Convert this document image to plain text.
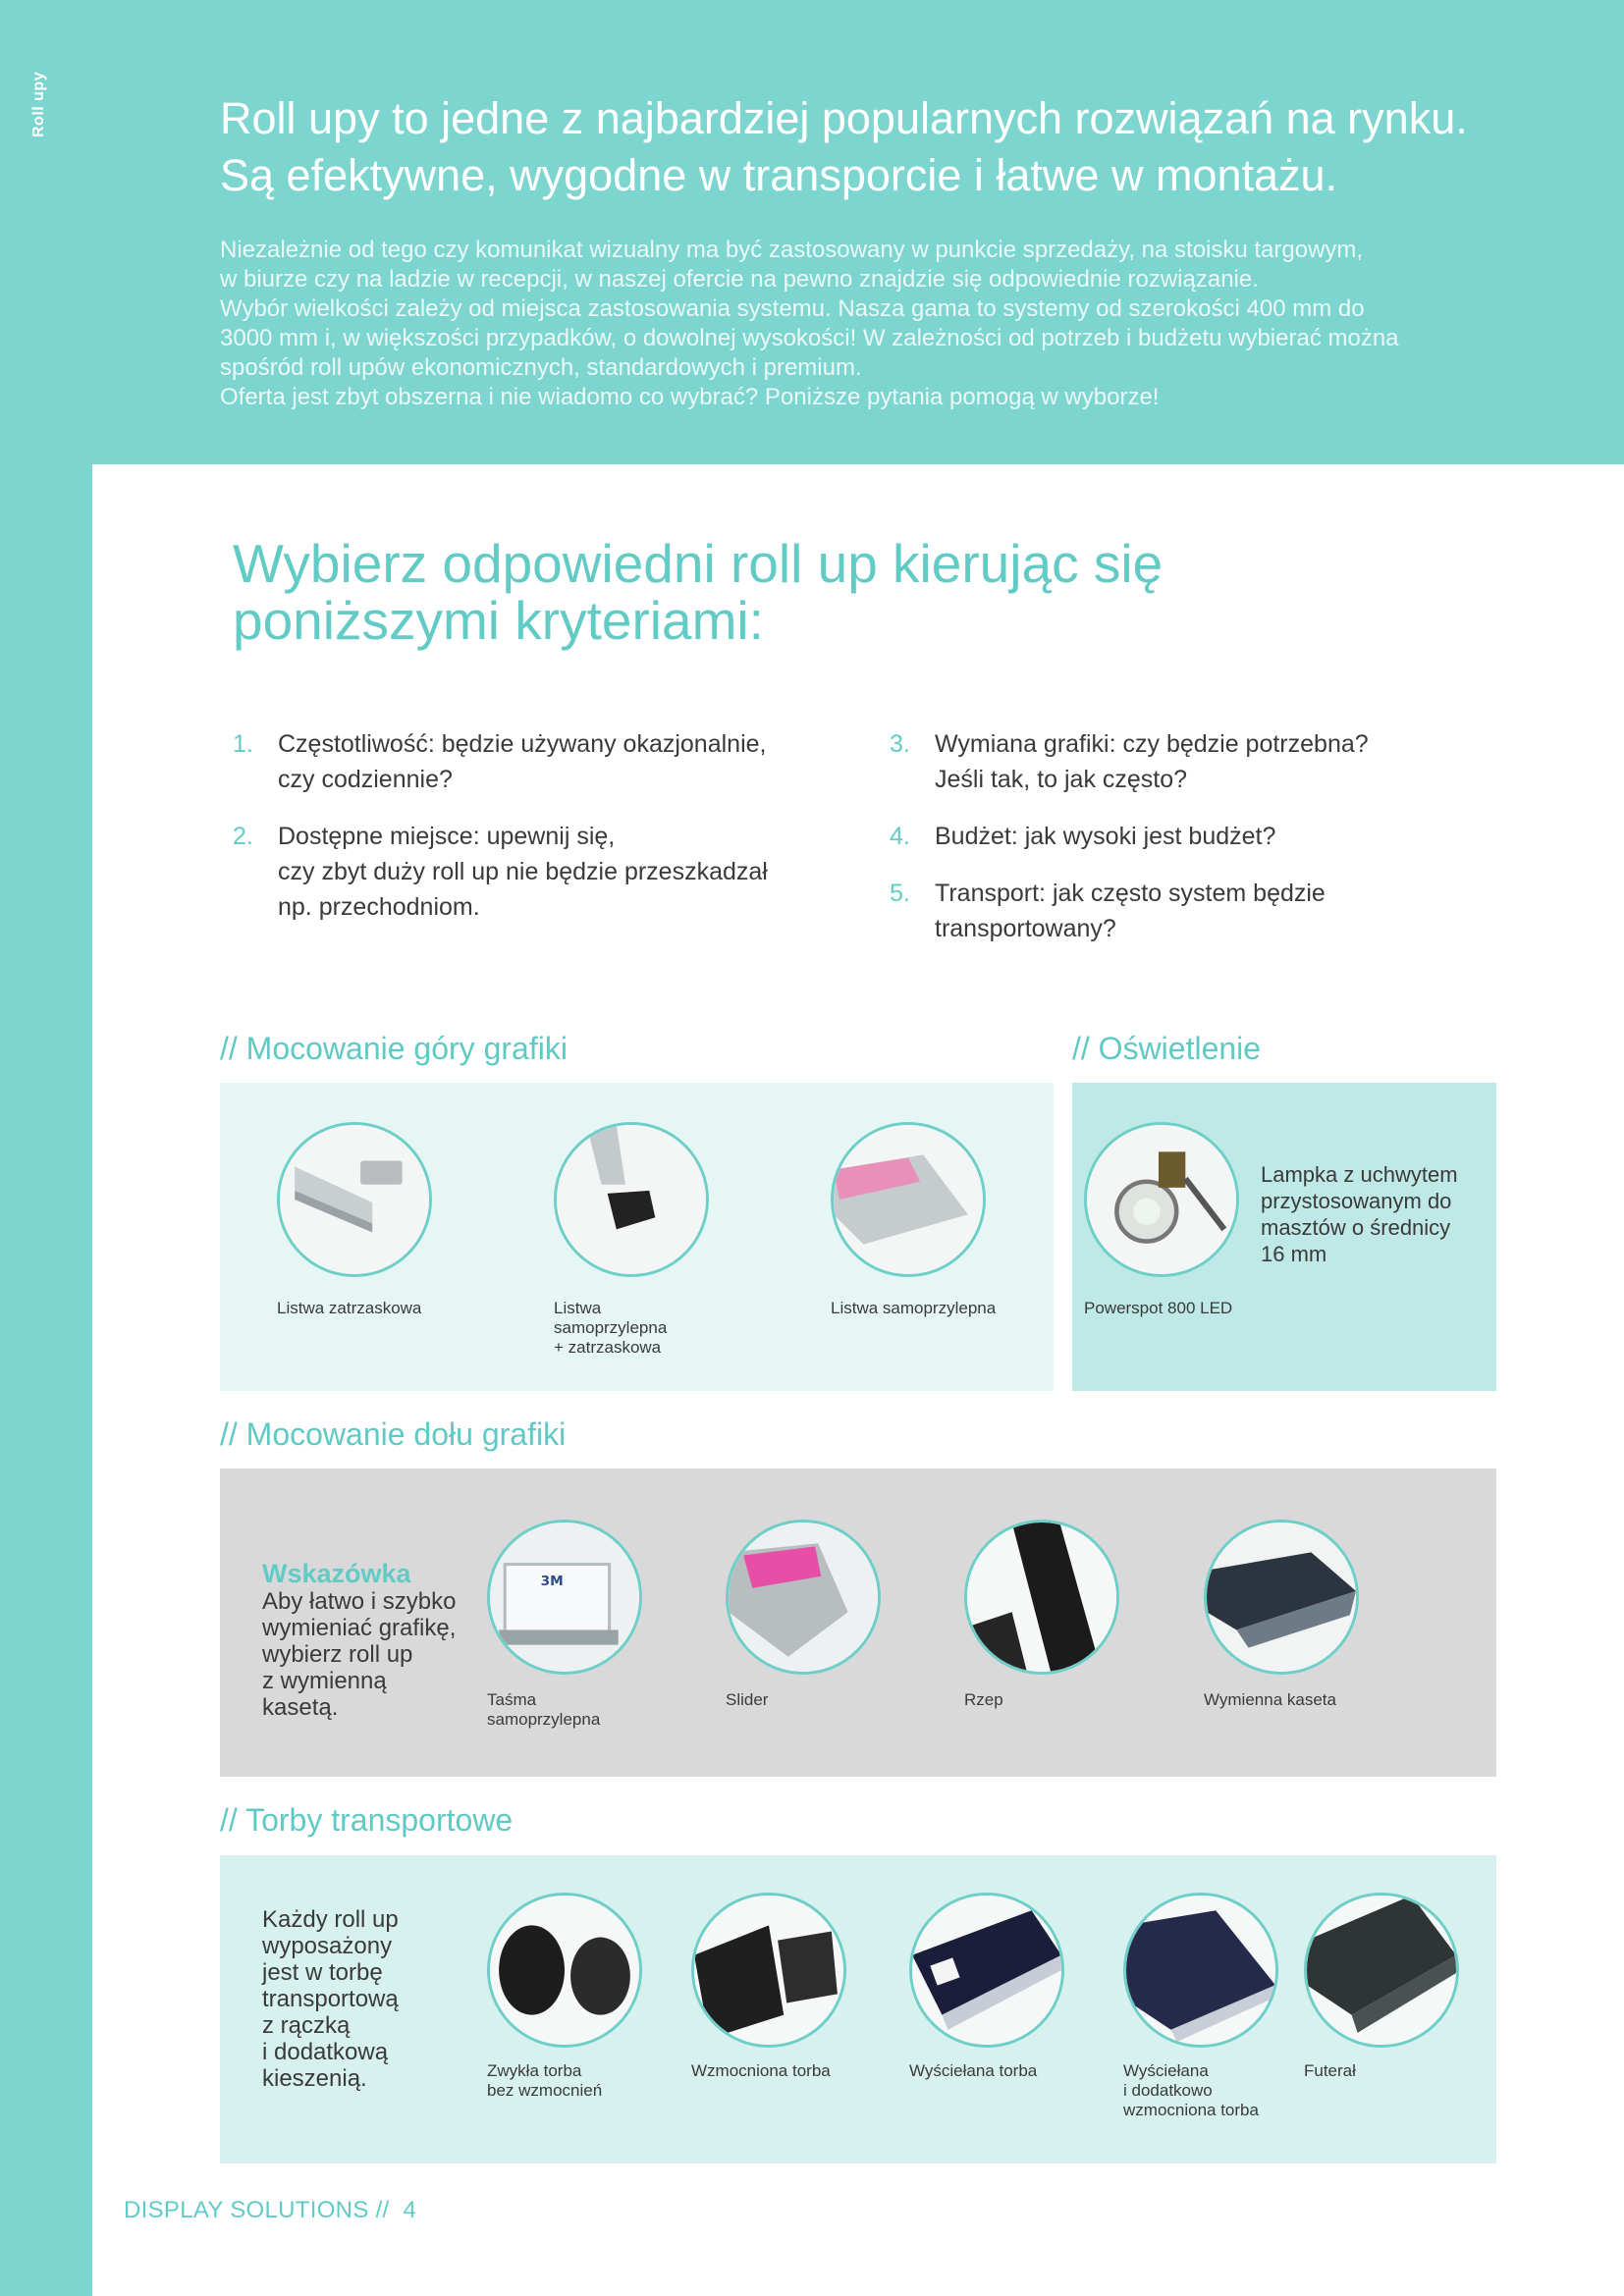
Roll upy	Roll upy to jedne z najbardziej popularnych rozwiązań na rynku.
Są efektywne, wygodne w transporcie i łatwe w montażu.
Niezależnie od tego czy komunikat wizualny ma być zastosowany w punkcie sprzedaży, na stoisku targowym,
w biurze czy na ladzie w recepcji, w naszej ofercie na pewno znajdzie się odpowiednie rozwiązanie.
Wybór wielkości zależy od miejsca zastosowania systemu. Nasza gama to systemy od szerokości 400 mm do
3000 mm i, w większości przypadków, o dowolnej wysokości! W zależności od potrzeb i budżetu wybierać można
spośród roll upów ekonomicznych, standardowych i premium.
Oferta jest zbyt obszerna i nie wiadomo co wybrać? Poniższe pytania pomogą w wyborze!
Wybierz odpowiedni roll up kierując się
poniższymi kryteriami:
1. Częstotliwość: będzie używany okazjonalnie,
czy codziennie?
2. Dostępne miejsce: upewnij się,
czy zbyt duży roll up nie będzie przeszkadzał
np. przechodniom.
3. Wymiana grafiki: czy będzie potrzebna?
Jeśli tak, to jak często?
4. Budżet: jak wysoki jest budżet?
5. Transport: jak często system będzie
transportowany?
// Mocowanie góry grafiki
Listwa zatrzaskowa	Listwa
samoprzylepna
+ zatrzaskowa
Listwa samoprzylepna
// Oświetlenie
Lampka z uchwytem
przystosowanym do
masztów o średnicy
16 mm
Powerspot 800 LED
// Mocowanie dołu grafiki
Wskazówka
Aby łatwo i szybko
wymieniać grafikę,
wybierz roll up
z wymienną
kasetą.
3M
Taśma
samoprzylepna
Slider	Rzep	Wymienna kaseta
// Torby transportowe
Każdy roll up
wyposażony
jest w torbę
transportową
z rączką
i dodatkową
kieszenią.	Zwykła torba
bez wzmocnień
Wzmocniona torba	Wyściełana torba	Wyściełana
i dodatkowo
wzmocniona torba
Futerał
DISPLAY SOLUTIONS // 4
